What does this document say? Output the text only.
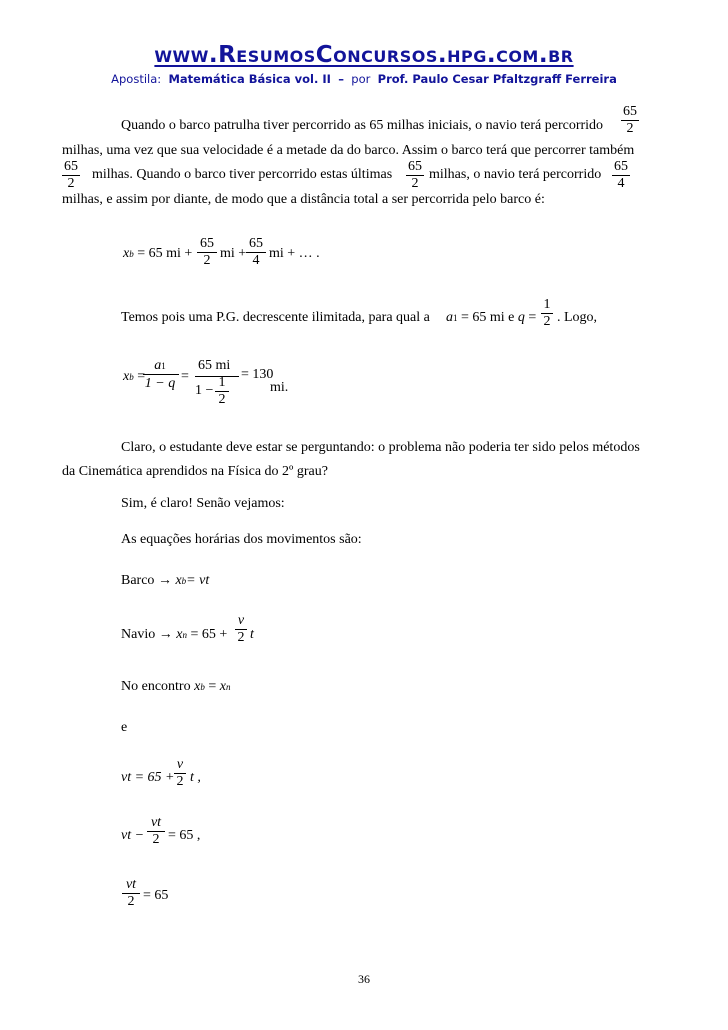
www.ResumosConcursos.hpg.com.br
Apostila: Matemática Básica vol. II – por Prof. Paulo Cesar Pfaltzgraff Ferreira
Quando o barco patrulha tiver percorrido as 65 milhas iniciais, o navio terá percorrido
65
2
milhas, uma vez que sua velocidade é a metade da do barco. Assim o barco terá que percorrer também
65
2
milhas. Quando o barco tiver percorrido estas últimas
65
2
milhas, o navio terá percorrido
65
4
milhas, e assim por diante, de modo que a distância total a ser percorrida pelo barco é:
xb = 65 mi +
65
2 mi +
65
4 mi + … .
Temos pois uma P.G. decrescente ilimitada, para qual a a1 = 65 mi e q =
1
2 . Logo,
xb =
a1
1 − q =
65 mi
= 130
1
2
1 −	mi.
Claro, o estudante deve estar se perguntando: o problema não poderia ter sido pelos métodos
da Cinemática aprendidos na Física do 2º grau?
Sim, é claro! Senão vejamos:
As equações horárias dos movimentos são:
Barco → xb= vt
Navio → xn = 65 +
v
2 t
No encontro xb = xn
e
vt = 65 +
v
2 t ,
vt −
vt
2 = 65 ,
vt
2 = 65
36
